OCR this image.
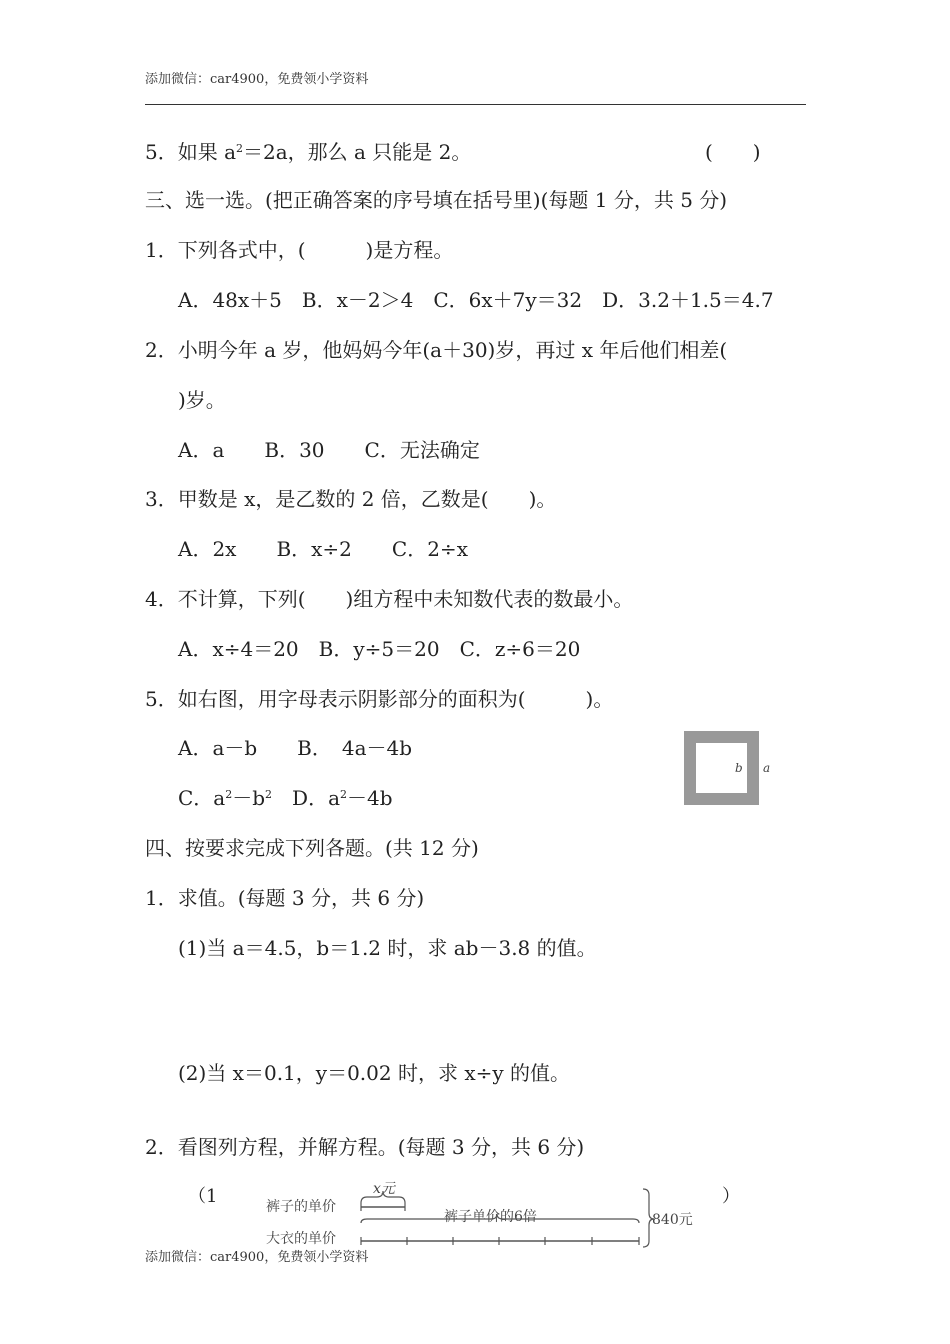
添加微信：car4900，免费领小学资料
5．如果 $a^2=2a$，那么 a 只能是 2。	(　　)
三、选一选。(把正确答案的序号填在括号里)(每题 1 分，共 5 分)
1．下列各式中，(　　　)是方程。
A．48x＋5　B．x－2＞4　C．6x＋7y＝32　D．3.2＋1.5＝4.7
2．小明今年 a 岁，他妈妈今年(a＋30)岁，再过 x 年后他们相差(
)岁。
A．a　　B．30　　C．无法确定
3．甲数是 x，是乙数的 2 倍，乙数是(　　)。
A．2x　　B．x÷2　　C．2÷x
4．不计算，下列(　　)组方程中未知数代表的数最小。
A．x÷4＝20　B．y÷5＝20　C．z÷6＝20
5．如右图，用字母表示阴影部分的面积为(　　　)。
A．a－b　　B．　4a－4b
C．$a^2-b^2$　D．$a^2-4b$
b a
四、按要求完成下列各题。(共 12 分)
1．求值。(每题 3 分，共 6 分)
(1)当 a＝4.5，b＝1.2 时，求 ab－3.8 的值。
(2)当 x＝0.1，y＝0.02 时，求 x÷y 的值。
2．看图列方程，并解方程。(每题 3 分，共 6 分)
（1	）
裤子的单价
x元
大衣的单价
裤子单价的6倍	840元
添加微信：car4900，免费领小学资料
